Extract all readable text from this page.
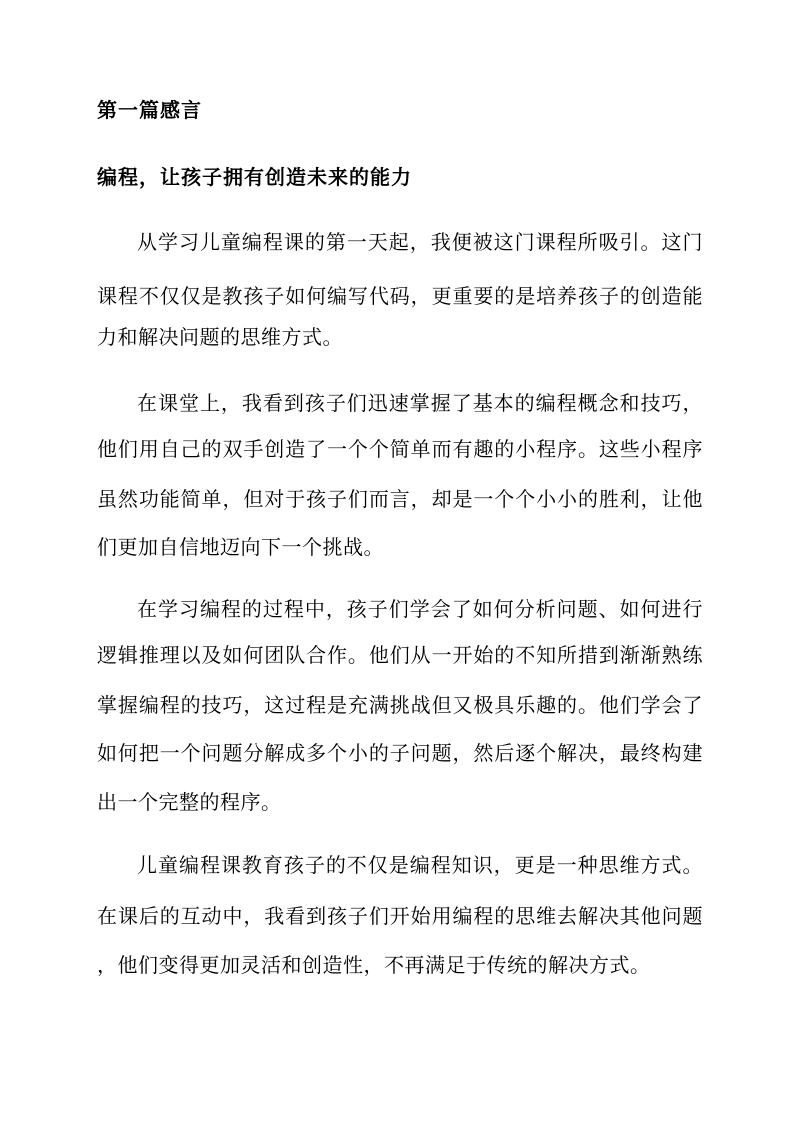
第一篇感言
编程，让孩子拥有创造未来的能力
从学习儿童编程课的第一天起，我便被这门课程所吸引。这门
课程不仅仅是教孩子如何编写代码，更重要的是培养孩子的创造能
力和解决问题的思维方式。
在课堂上，我看到孩子们迅速掌握了基本的编程概念和技巧，
他们用自己的双手创造了一个个简单而有趣的小程序。这些小程序
虽然功能简单，但对于孩子们而言，却是一个个小小的胜利，让他
们更加自信地迈向下一个挑战。
在学习编程的过程中，孩子们学会了如何分析问题、如何进行
逻辑推理以及如何团队合作。他们从一开始的不知所措到渐渐熟练
掌握编程的技巧，这过程是充满挑战但又极具乐趣的。他们学会了
如何把一个问题分解成多个小的子问题，然后逐个解决，最终构建
出一个完整的程序。
儿童编程课教育孩子的不仅是编程知识，更是一种思维方式。
在课后的互动中，我看到孩子们开始用编程的思维去解决其他问题
，他们变得更加灵活和创造性，不再满足于传统的解决方式。
